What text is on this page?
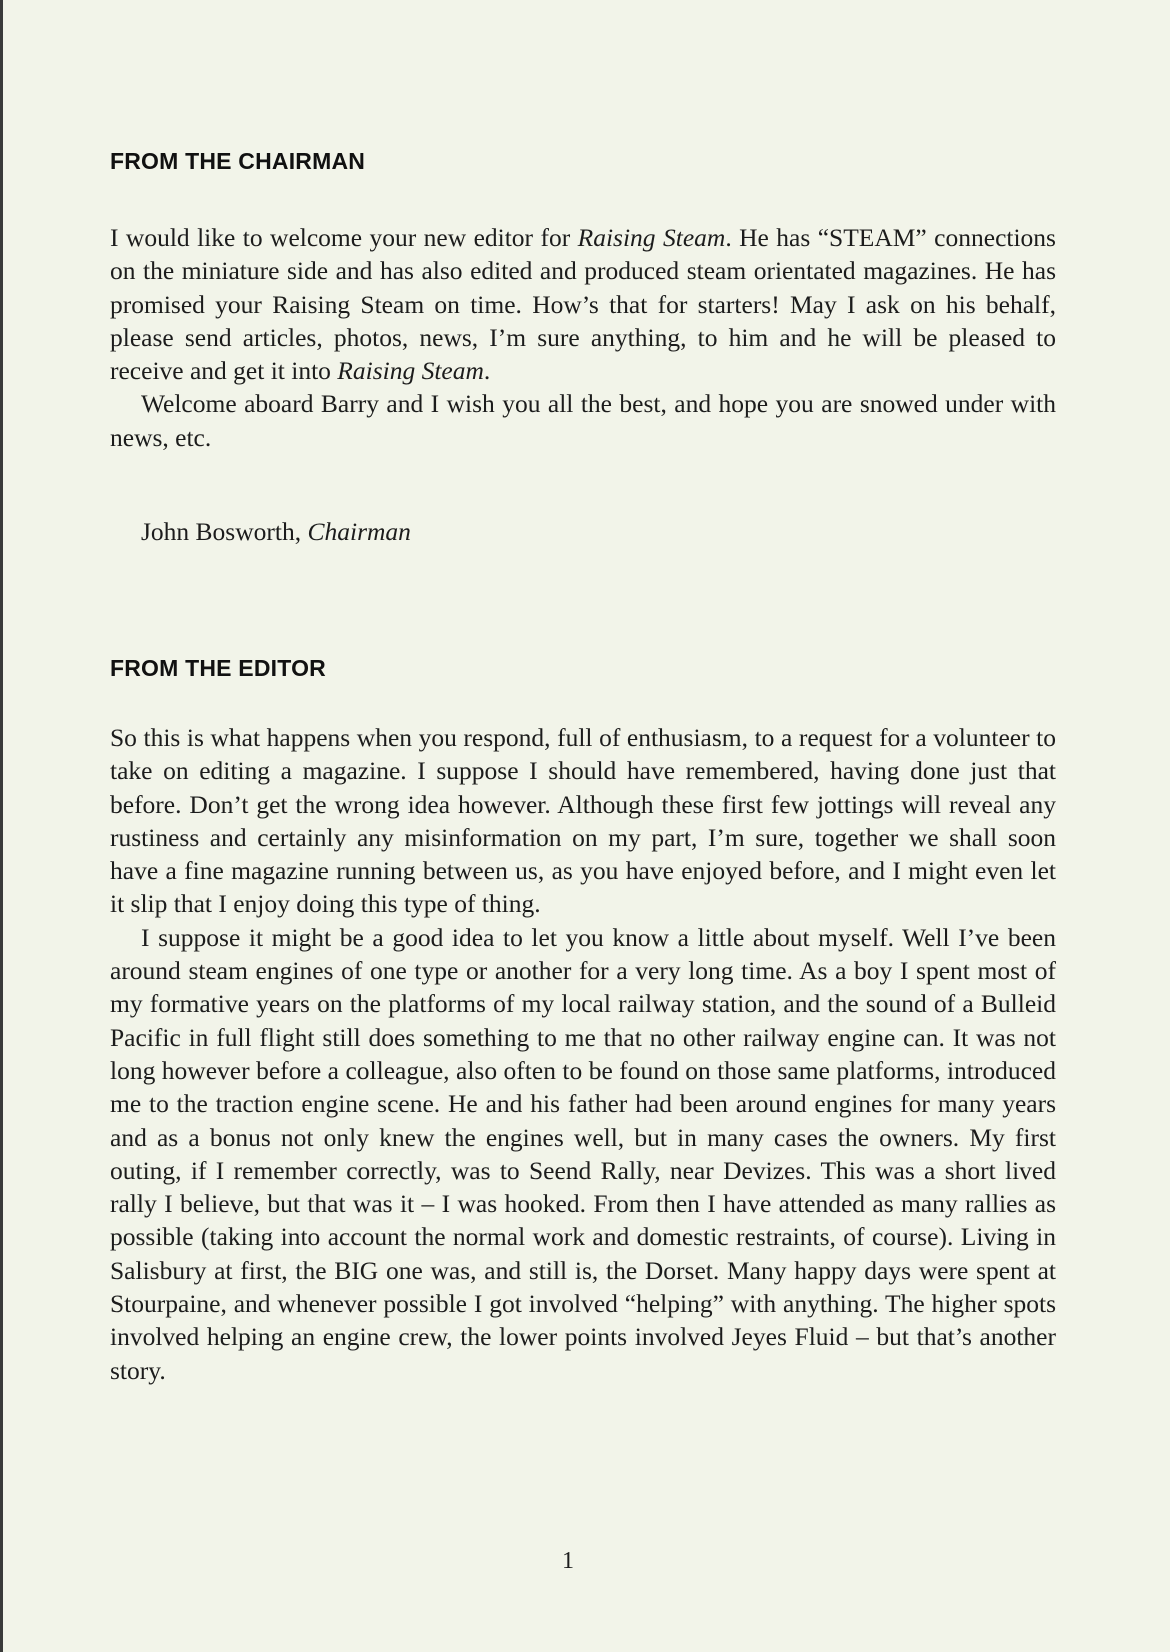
FROM THE CHAIRMAN

I would like to welcome your new editor for Raising Steam. He has “STEAM” connections on the miniature side and has also edited and produced steam orientated magazines. He has promised your Raising Steam on time. How’s that for starters! May I ask on his behalf, please send articles, photos, news, I’m sure anything, to him and he will be pleased to receive and get it into Raising Steam.

Welcome aboard Barry and I wish you all the best, and hope you are snowed under with news, etc.

John Bosworth, Chairman
FROM THE EDITOR

So this is what happens when you respond, full of enthusiasm, to a request for a volunteer to take on editing a magazine. I suppose I should have remembered, having done just that before. Don’t get the wrong idea however. Although these first few jottings will reveal any rustiness and certainly any misinformation on my part, I’m sure, together we shall soon have a fine magazine running between us, as you have enjoyed before, and I might even let it slip that I enjoy doing this type of thing.

I suppose it might be a good idea to let you know a little about myself. Well I’ve been around steam engines of one type or another for a very long time. As a boy I spent most of my formative years on the platforms of my local railway station, and the sound of a Bulleid Pacific in full flight still does something to me that no other railway engine can. It was not long however before a colleague, also often to be found on those same platforms, introduced me to the traction engine scene. He and his father had been around engines for many years and as a bonus not only knew the engines well, but in many cases the owners. My first outing, if I remember correctly, was to Seend Rally, near Devizes. This was a short lived rally I believe, but that was it – I was hooked. From then I have attended as many rallies as possible (taking into account the normal work and domestic restraints, of course). Living in Salisbury at first, the BIG one was, and still is, the Dorset. Many happy days were spent at Stourpaine, and whenever possible I got involved “helping” with anything. The higher spots involved helping an engine crew, the lower points involved Jeyes Fluid – but that’s another story.

1
